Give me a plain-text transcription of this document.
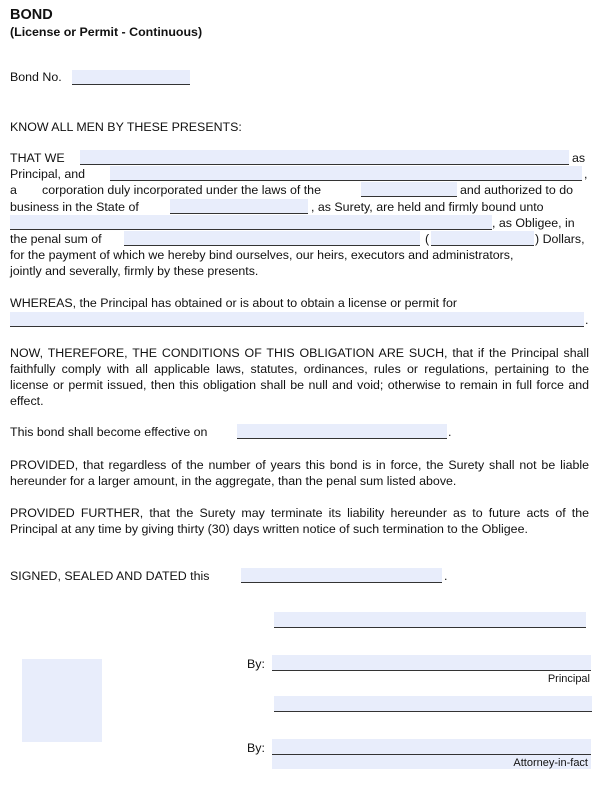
BOND
(License or Permit - Continuous)
Bond No.
KNOW ALL MEN BY THESE PRESENTS:
THAT WE	as
Principal, and	,
a corporation duly incorporated under the laws of the	and authorized to do
business in the State of	, as Surety, are held and firmly bound unto
, as Obligee, in
the penal sum of	(	) Dollars,
for the payment of which we hereby bind ourselves, our heirs, executors and administrators,
jointly and severally, firmly by these presents.
WHEREAS, the Principal has obtained or is about to obtain a license or permit for
.
NOW, THEREFORE, THE CONDITIONS OF THIS OBLIGATION ARE SUCH, that if the Principal shall faithfully comply with all applicable laws, statutes, ordinances, rules or regulations, pertaining to the license or permit issued, then this obligation shall be null and void; otherwise to remain in full force and effect.
This bond shall become effective on	.
PROVIDED, that regardless of the number of years this bond is in force, the Surety shall not be liable hereunder for a larger amount, in the aggregate, than the penal sum listed above.
PROVIDED FURTHER, that the Surety may terminate its liability hereunder as to future acts of the Principal at any time by giving thirty (30) days written notice of such termination to the Obligee.
SIGNED, SEALED AND DATED this	.
By:
Principal
By:
Attorney-in-fact
